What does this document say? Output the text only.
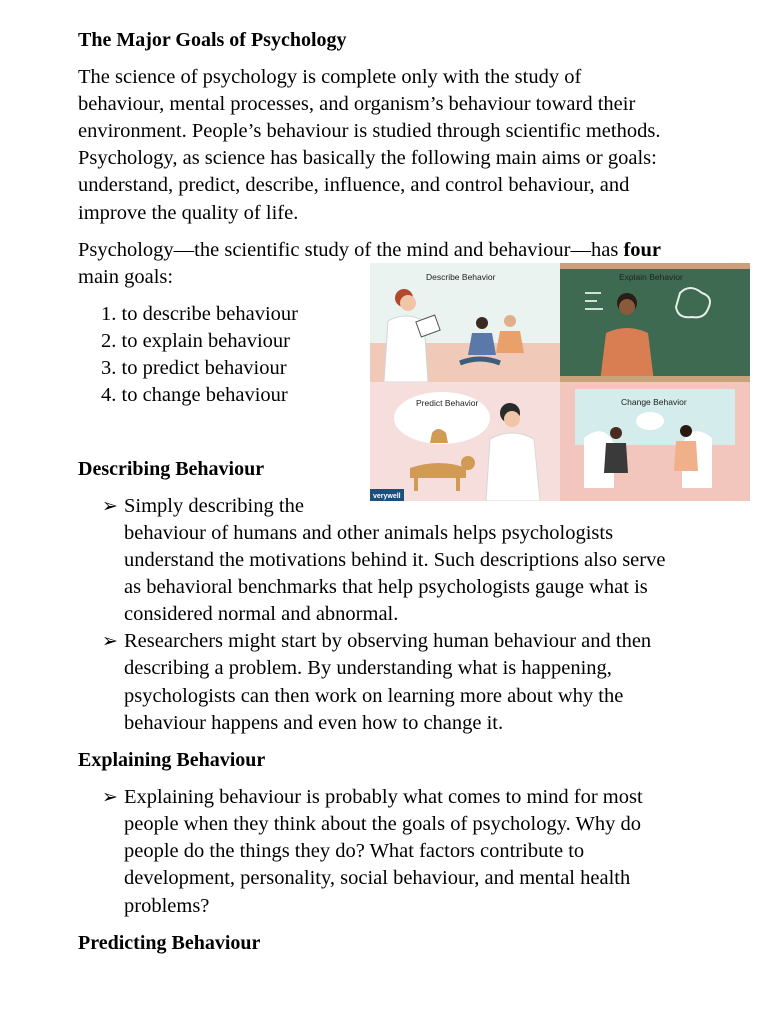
The Major Goals of Psychology

The science of psychology is complete only with the study of

behaviour, mental processes, and organism’s behaviour toward their

environment. People’s behaviour is studied through scientific methods.

Psychology, as science has basically the following main aims or goals:

understand, predict, describe, influence, and control behaviour, and

improve the quality of life.

Psychology—the scientific study of the mind and behaviour—has four

main goals:

1. to describe behaviour

2. to explain behaviour

3. to predict behaviour

4. to change behaviour

Describe Behavior	Explain Behavior
Predict Behavior
verywell
Change Behavior
Describing Behaviour
➢ Simply describing the

behaviour of humans and other animals helps psychologists

understand the motivations behind it. Such descriptions also serve

as behavioral benchmarks that help psychologists gauge what is

considered normal and abnormal.

➢ Researchers might start by observing human behaviour and then

describing a problem. By understanding what is happening,

psychologists can then work on learning more about why the

behaviour happens and even how to change it.

Explaining Behaviour
➢ Explaining behaviour is probably what comes to mind for most

people when they think about the goals of psychology. Why do

people do the things they do? What factors contribute to

development, personality, social behaviour, and mental health

problems?

Predicting Behaviour
